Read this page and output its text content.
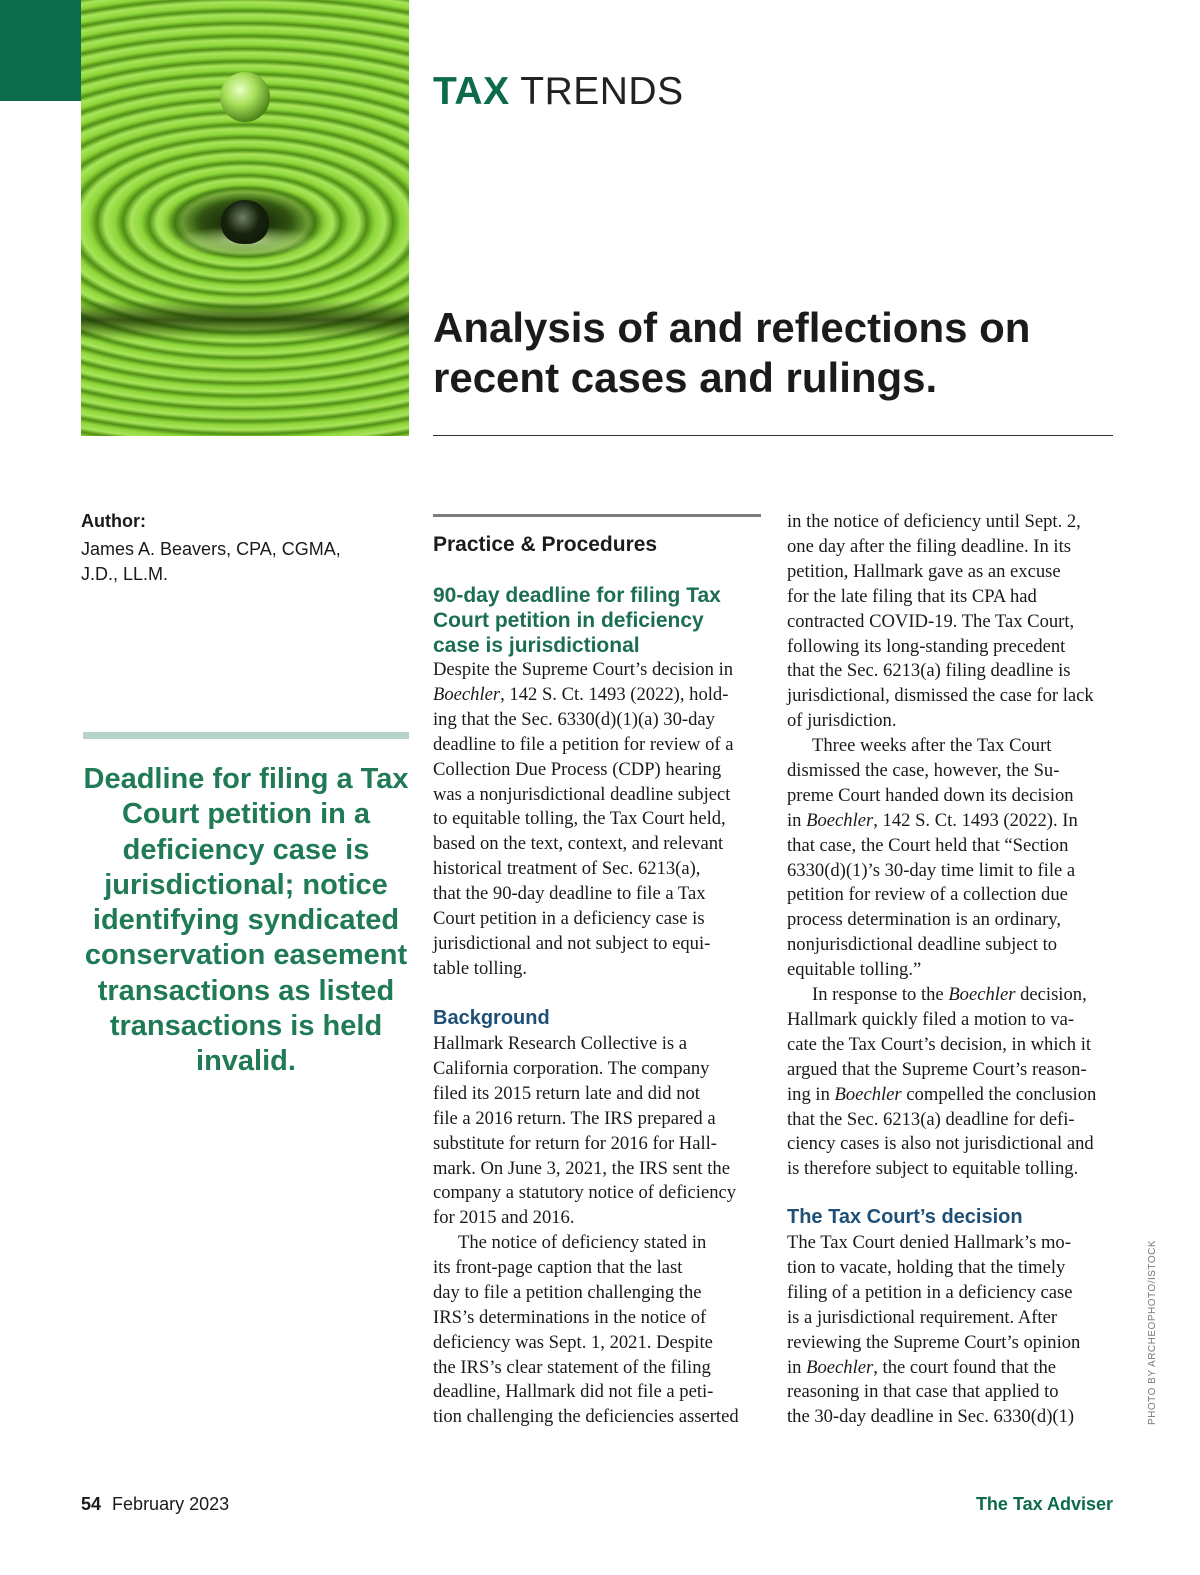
TAX TRENDS
Analysis of and reflections on
recent cases and rulings.
Author:
James A. Beavers, CPA, CGMA,
J.D., LL.M.
Deadline for filing a Tax Court petition in a deficiency case is jurisdictional; notice identifying syndicated conservation easement transactions as listed transactions is held invalid.
Practice & Procedures
90-day deadline for filing Tax
Court petition in deficiency
case is jurisdictional
Despite the Supreme Court’s decision in
Boechler, 142 S. Ct. 1493 (2022), hold-
ing that the Sec. 6330(d)(1)(a) 30-day
deadline to file a petition for review of a
Collection Due Process (CDP) hearing
was a nonjurisdictional deadline subject
to equitable tolling, the Tax Court held,
based on the text, context, and relevant
historical treatment of Sec. 6213(a),
that the 90-day deadline to file a Tax
Court petition in a deficiency case is
jurisdictional and not subject to equi-
table tolling.
Background
Hallmark Research Collective is a
California corporation. The company
filed its 2015 return late and did not
file a 2016 return. The IRS prepared a
substitute for return for 2016 for Hall-
mark. On June 3, 2021, the IRS sent the
company a statutory notice of deficiency
for 2015 and 2016.
The notice of deficiency stated in
its front-page caption that the last
day to file a petition challenging the
IRS’s determinations in the notice of
deficiency was Sept. 1, 2021. Despite
the IRS’s clear statement of the filing
deadline, Hallmark did not file a peti-
tion challenging the deficiencies asserted
in the notice of deficiency until Sept. 2,
one day after the filing deadline. In its
petition, Hallmark gave as an excuse
for the late filing that its CPA had
contracted COVID-19. The Tax Court,
following its long-standing precedent
that the Sec. 6213(a) filing deadline is
jurisdictional, dismissed the case for lack
of jurisdiction.
Three weeks after the Tax Court
dismissed the case, however, the Su-
preme Court handed down its decision
in Boechler, 142 S. Ct. 1493 (2022). In
that case, the Court held that “Section
6330(d)(1)’s 30-day time limit to file a
petition for review of a collection due
process determination is an ordinary,
nonjurisdictional deadline subject to
equitable tolling.”
In response to the Boechler decision,
Hallmark quickly filed a motion to va-
cate the Tax Court’s decision, in which it
argued that the Supreme Court’s reason-
ing in Boechler compelled the conclusion
that the Sec. 6213(a) deadline for defi-
ciency cases is also not jurisdictional and
is therefore subject to equitable tolling.
The Tax Court’s decision
The Tax Court denied Hallmark’s mo-
tion to vacate, holding that the timely
filing of a petition in a deficiency case
is a jurisdictional requirement. After
reviewing the Supreme Court’s opinion
in Boechler, the court found that the
reasoning in that case that applied to
the 30-day deadline in Sec. 6330(d)(1)	PHOTO BY ARCHEOPHOTO/ISTOCK
54 February 2023	The Tax Adviser
